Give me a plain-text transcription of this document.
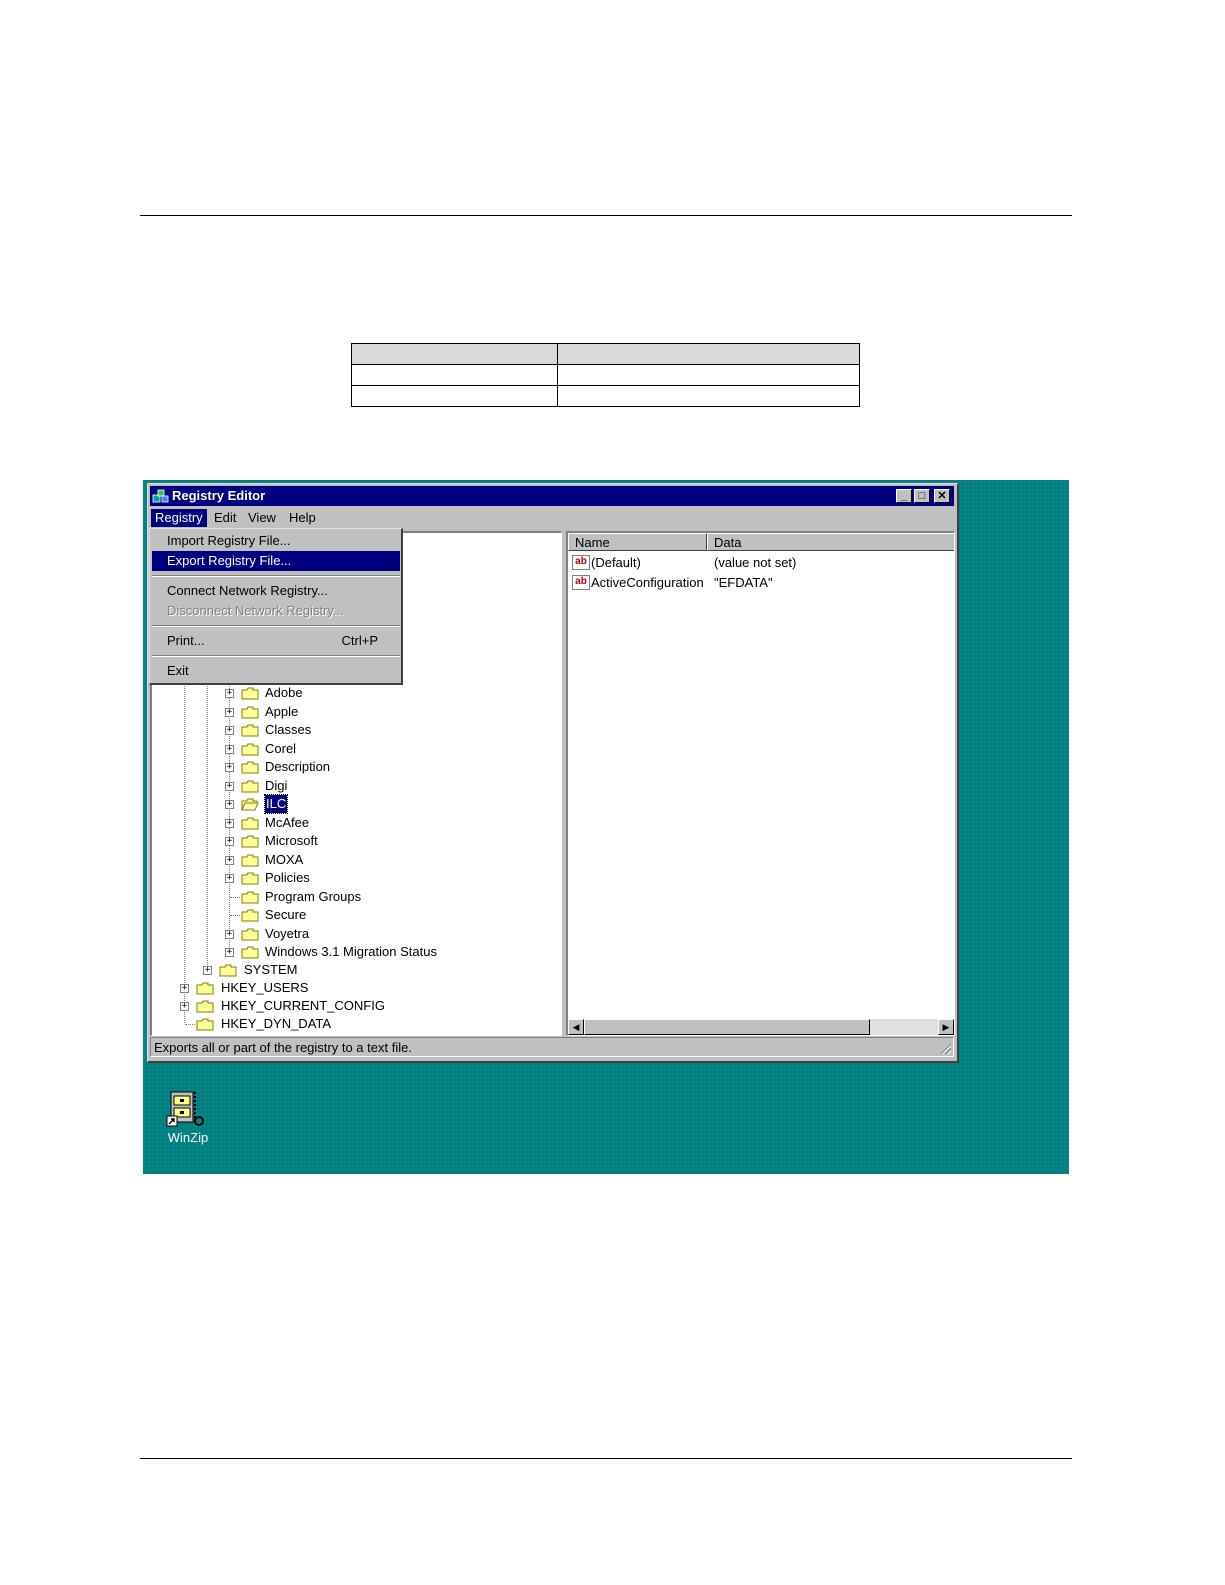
WinZip
Registry Editor	_	□	✕
Registry Edit View	Help
+	Adobe
+	Apple
+	Classes
+	Corel
+	Description
+	Digi
+	ILC
+	McAfee
+	Microsoft
+	MOXA
+	Policies
Program Groups
Secure
+	Voyetra
+	Windows 3.1 Migration Status
+	SYSTEM
+	HKEY_USERS
+	HKEY_CURRENT_CONFIG
HKEY_DYN_DATA
Name	Data
ab (Default)	(value not set)
ab ActiveConfiguration "EFDATA"
◀	▶
Exports all or part of the registry to a text file.
Import Registry File...
Export Registry File...
Connect Network Registry...
Disconnect Network Registry...
Print...	Ctrl+P
Exit
